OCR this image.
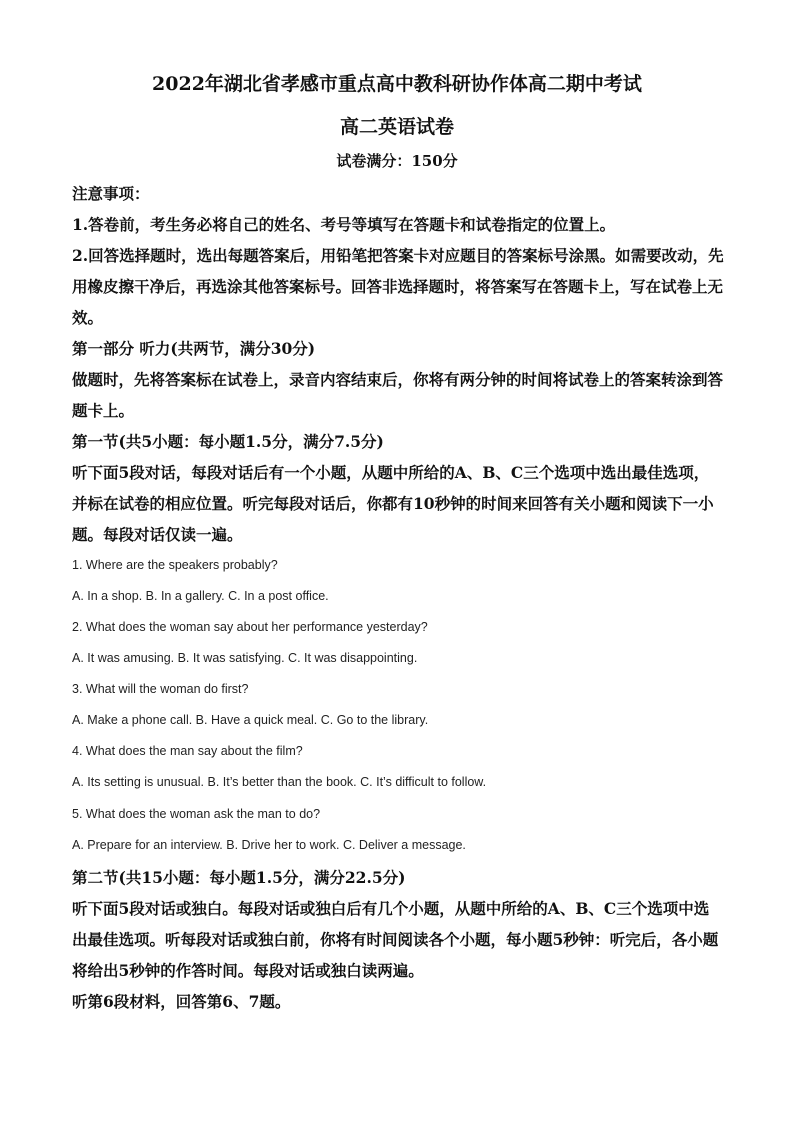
2022年湖北省孝感市重点高中教科研协作体高二期中考试
高二英语试卷
试卷满分：150分

注意事项：

1.答卷前，考生务必将自己的姓名、考号等填写在答题卡和试卷指定的位置上。

2.回答选择题时，选出每题答案后，用铅笔把答案卡对应题目的答案标号涂黑。如需要改动，先用橡皮擦干净后，再选涂其他答案标号。回答非选择题时，将答案写在答题卡上，写在试卷上无效。

第一部分 听力(共两节，满分30分)

做题时，先将答案标在试卷上，录音内容结束后，你将有两分钟的时间将试卷上的答案转涂到答题卡上。

第一节(共5小题：每小题1.5分，满分7.5分)

听下面5段对话，每段对话后有一个小题，从题中所给的A、B、C三个选项中选出最佳选项，并标在试卷的相应位置。听完每段对话后，你都有10秒钟的时间来回答有关小题和阅读下一小题。每段对话仅读一遍。

1. Where are the speakers probably?

A. In a shop. B. In a gallery. C. In a post office.

2. What does the woman say about her performance yesterday?

A. It was amusing. B. It was satisfying. C. It was disappointing.

3. What will the woman do first?

A. Make a phone call. B. Have a quick meal. C. Go to the library.

4. What does the man say about the film?

A. Its setting is unusual. B. It’s better than the book. C. It’s difficult to follow.

5. What does the woman ask the man to do?

A. Prepare for an interview. B. Drive her to work. C. Deliver a message.

第二节(共15小题：每小题1.5分，满分22.5分)

听下面5段对话或独白。每段对话或独白后有几个小题，从题中所给的A、B、C三个选项中选出最佳选项。听每段对话或独白前，你将有时间阅读各个小题，每小题5秒钟：听完后，各小题将给出5秒钟的作答时间。每段对话或独白读两遍。

听第6段材料，回答第6、7题。
